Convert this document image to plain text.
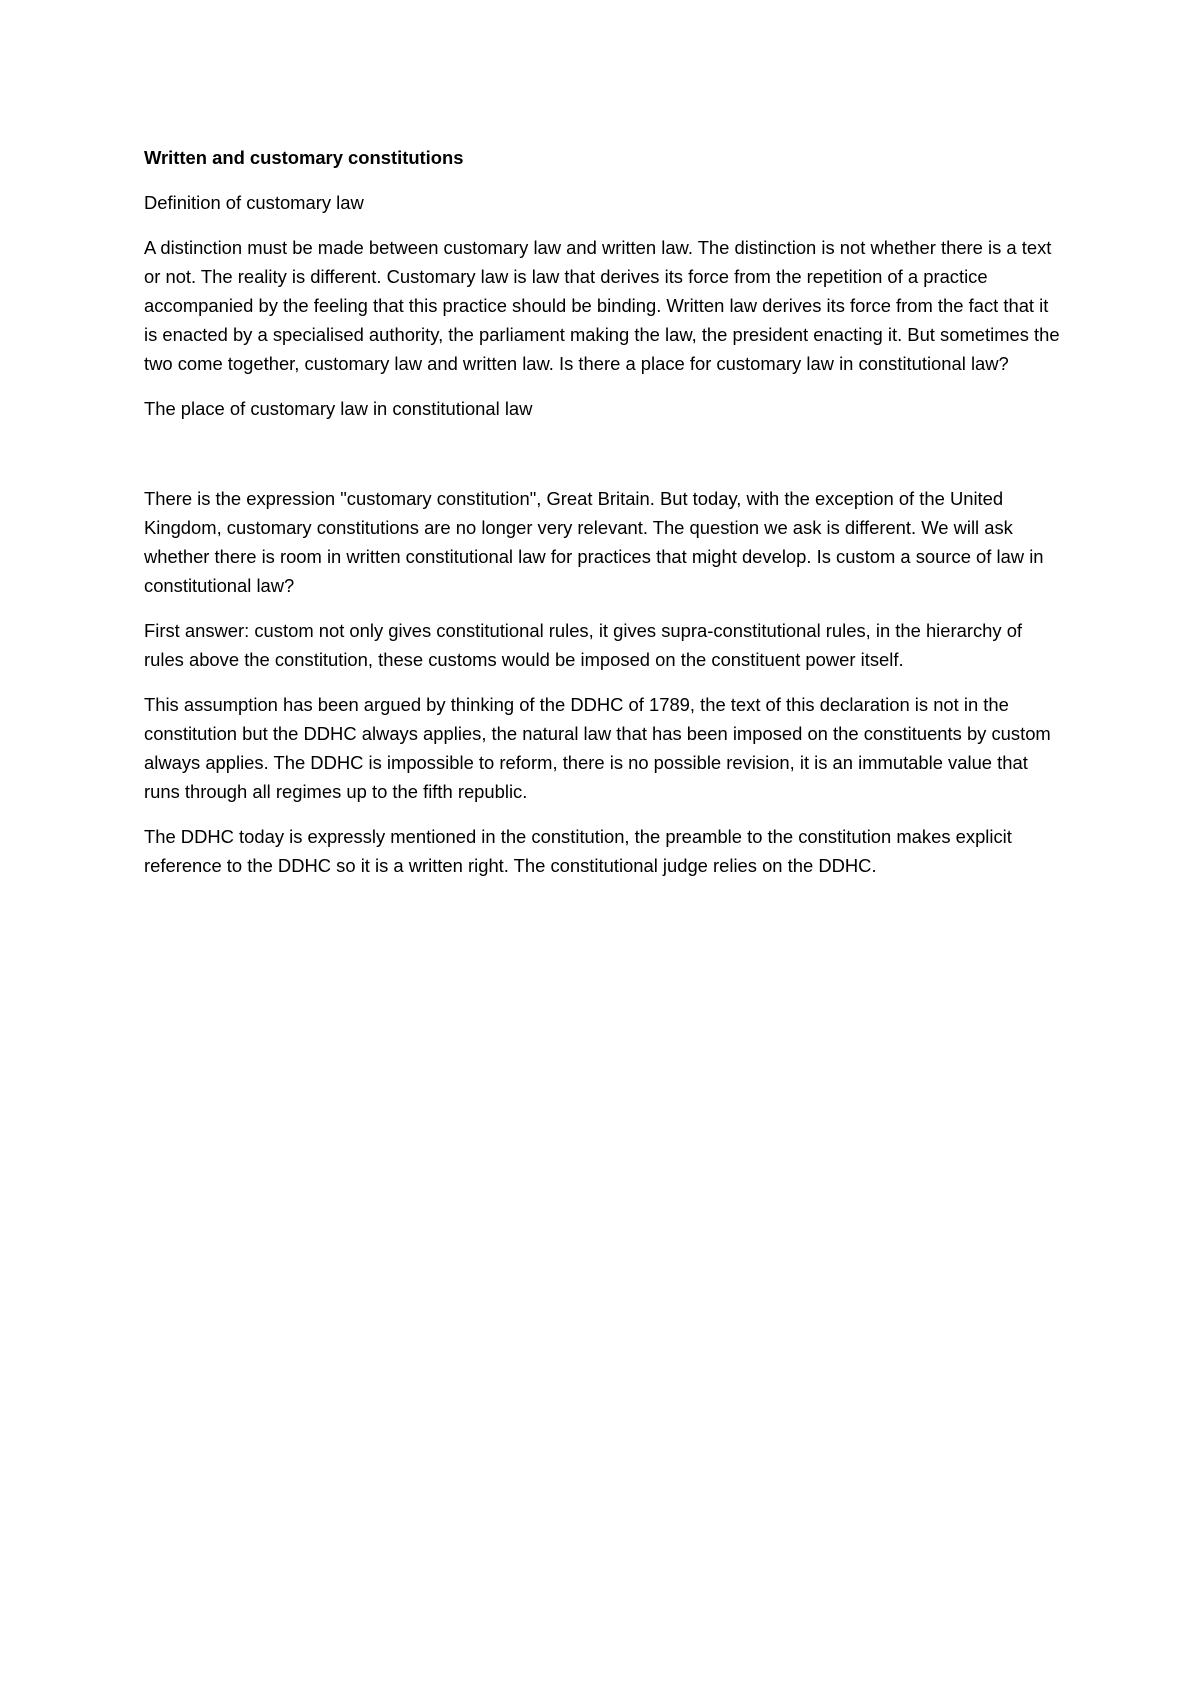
Written and customary constitutions

Definition of customary law

A distinction must be made between customary law and written law. The distinction is not whether there is a text or not. The reality is different. Customary law is law that derives its force from the repetition of a practice accompanied by the feeling that this practice should be binding. Written law derives its force from the fact that it is enacted by a specialised authority, the parliament making the law, the president enacting it. But sometimes the two come together, customary law and written law. Is there a place for customary law in constitutional law?

The place of customary law in constitutional law

There is the expression "customary constitution", Great Britain. But today, with the exception of the United Kingdom, customary constitutions are no longer very relevant. The question we ask is different. We will ask whether there is room in written constitutional law for practices that might develop. Is custom a source of law in constitutional law?

First answer: custom not only gives constitutional rules, it gives supra-constitutional rules, in the hierarchy of rules above the constitution, these customs would be imposed on the constituent power itself.

This assumption has been argued by thinking of the DDHC of 1789, the text of this declaration is not in the constitution but the DDHC always applies, the natural law that has been imposed on the constituents by custom always applies. The DDHC is impossible to reform, there is no possible revision, it is an immutable value that runs through all regimes up to the fifth republic.

The DDHC today is expressly mentioned in the constitution, the preamble to the constitution makes explicit reference to the DDHC so it is a written right. The constitutional judge relies on the DDHC.
